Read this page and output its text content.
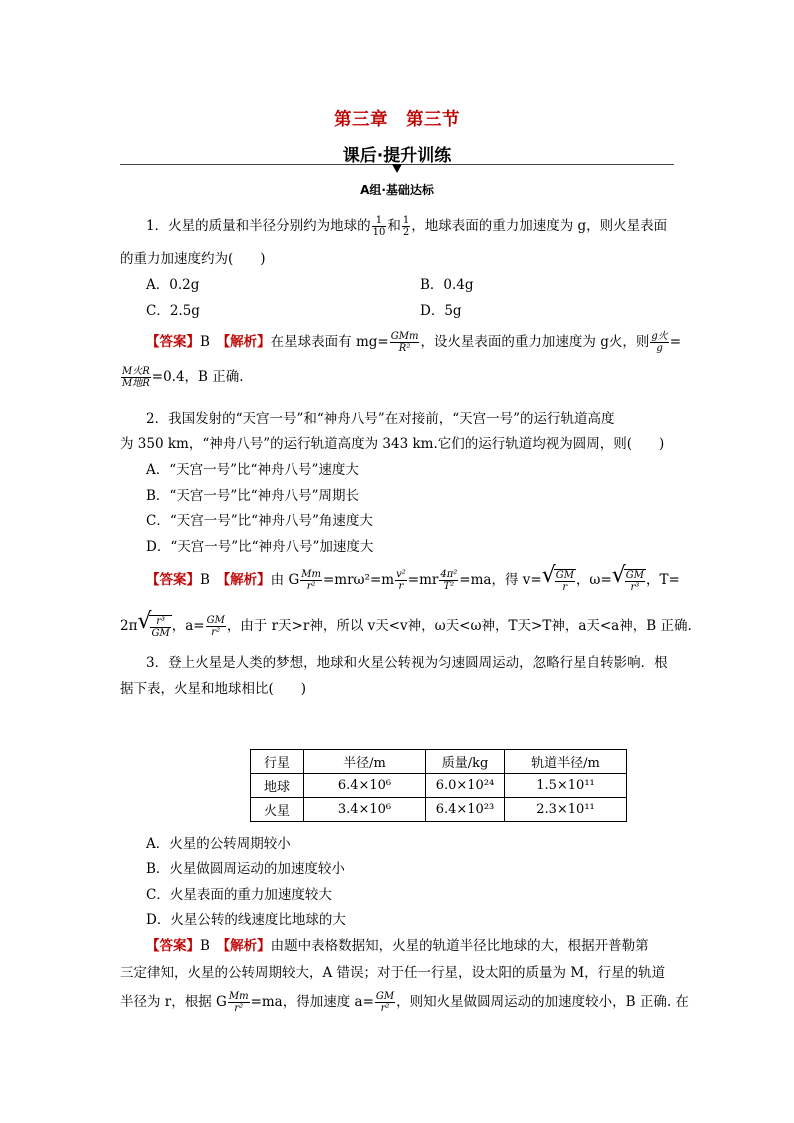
第三章　第三节
课后·提升训练
A组·基础达标
1．火星的质量和半径分别约为地球的 $\frac{1}{10}$ 和 $\frac{1}{2}$ ，地球表面的重力加速度为 g，则火星表面
的重力加速度约为(　　)
A．0.2g	B．0.4g
C．2.5g	D．5g
【答案】B　 【解析】在星球表面有 $mg= \frac{\text{GMm}}{\text{R²}}$ ，设火星表面的重力加速度为 g火，则 $\frac{\text{g火}}{g}$ =
$\frac{\text{M火R}}{\text{M地R}} =0.4$，B 正确.
2．我国发射的“天宫一号”和“神舟八号”在对接前，“天宫一号”的运行轨道高度
为 350 km，“神舟八号”的运行轨道高度为 343 km.它们的运行轨道均视为圆周，则(　　)
A．“天宫一号”比“神舟八号”速度大
B．“天宫一号”比“神舟八号”周期长
C．“天宫一号”比“神舟八号”角速度大
D．“天宫一号”比“神舟八号”加速度大
【答案】B　 【解析】由 G $\frac{Mm}{\text{r²}} =mr\omega^2=m \frac{\text{v²}}{r} =mr \frac{\text{4π²}}{\text{T²}} =ma$，得 v= √ $\frac{GM}{r}$ ，ω= √ $\frac{GM}{\text{r³}}$ ，T=
2π √ $\frac{\text{r³}}{GM}$ ，$a= \frac{GM}{\text{r²}}$ ，由于 r天>r神，所以 v天<v神，ω天<ω神，T天>T神，a天<a神，B 正确.
3．登上火星是人类的梦想，地球和火星公转视为匀速圆周运动，忽略行星自转影响．根
据下表，火星和地球相比(　　)
行星	半径/m	质量/kg	轨道半径/m
地球	6.4×10⁶	6.0×10²⁴	1.5×10¹¹
火星	3.4×10⁶	6.4×10²³	2.3×10¹¹
A．火星的公转周期较小
B．火星做圆周运动的加速度较小
C．火星表面的重力加速度较大
D．火星公转的线速度比地球的大
【答案】B　 【解析】由题中表格数据知，火星的轨道半径比地球的大，根据开普勒第
三定律知，火星的公转周期较大，A 错误；对于任一行星，设太阳的质量为 M，行星的轨道
半径为 r，根据 G $\frac{Mm}{\text{r²}} =ma$，得加速度 $a= \frac{GM}{\text{r²}}$ ，则知火星做圆周运动的加速度较小，B 正确. 在
